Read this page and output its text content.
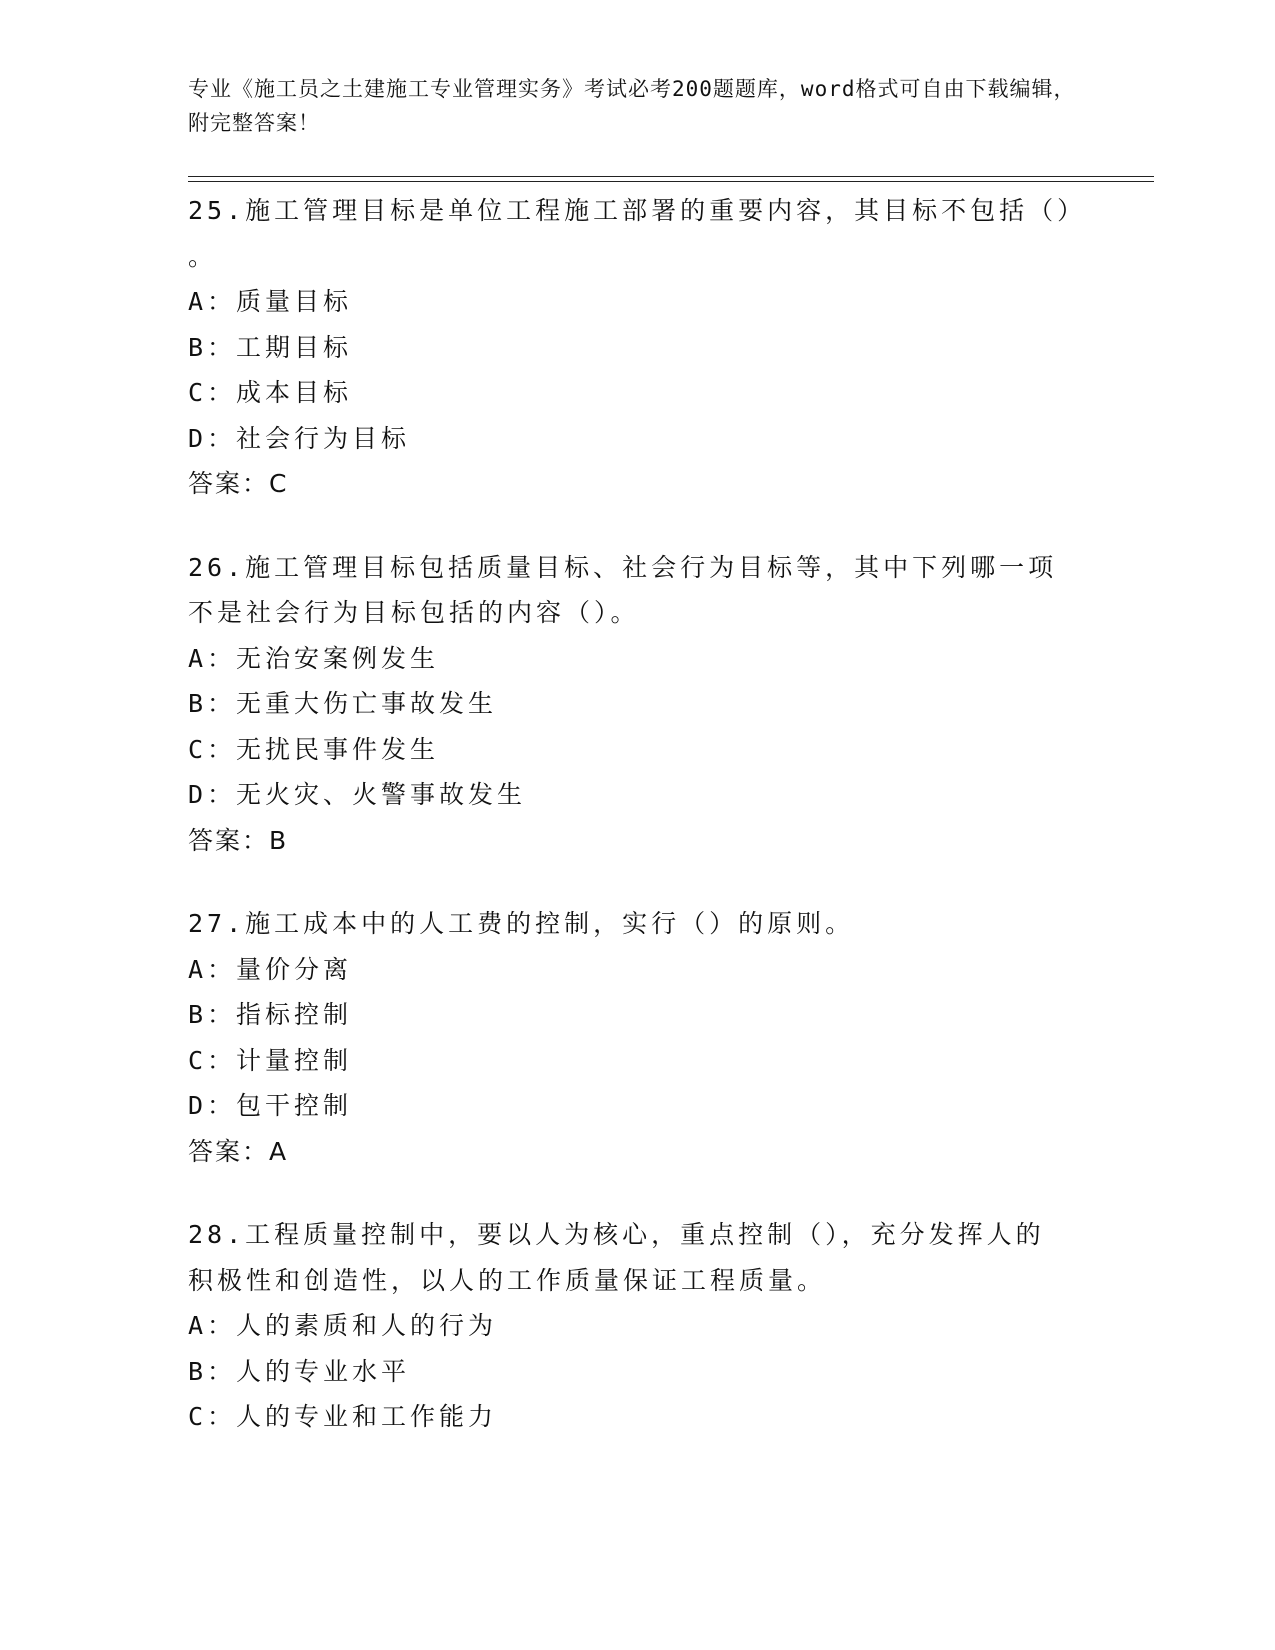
专业《施工员之土建施工专业管理实务》考试必考200题题库，word格式可自由下载编辑，附完整答案！
25.施工管理目标是单位工程施工部署的重要内容，其目标不包括（）
。
A：质量目标
B：工期目标
C：成本目标
D：社会行为目标
答案：C
26.施工管理目标包括质量目标、社会行为目标等，其中下列哪一项不是社会行为目标包括的内容（）。
A：无治安案例发生
B：无重大伤亡事故发生
C：无扰民事件发生
D：无火灾、火警事故发生
答案：B
27.施工成本中的人工费的控制，实行（）的原则。
A：量价分离
B：指标控制
C：计量控制
D：包干控制
答案：A
28.工程质量控制中，要以人为核心，重点控制（），充分发挥人的积极性和创造性，以人的工作质量保证工程质量。
A：人的素质和人的行为
B：人的专业水平
C：人的专业和工作能力
